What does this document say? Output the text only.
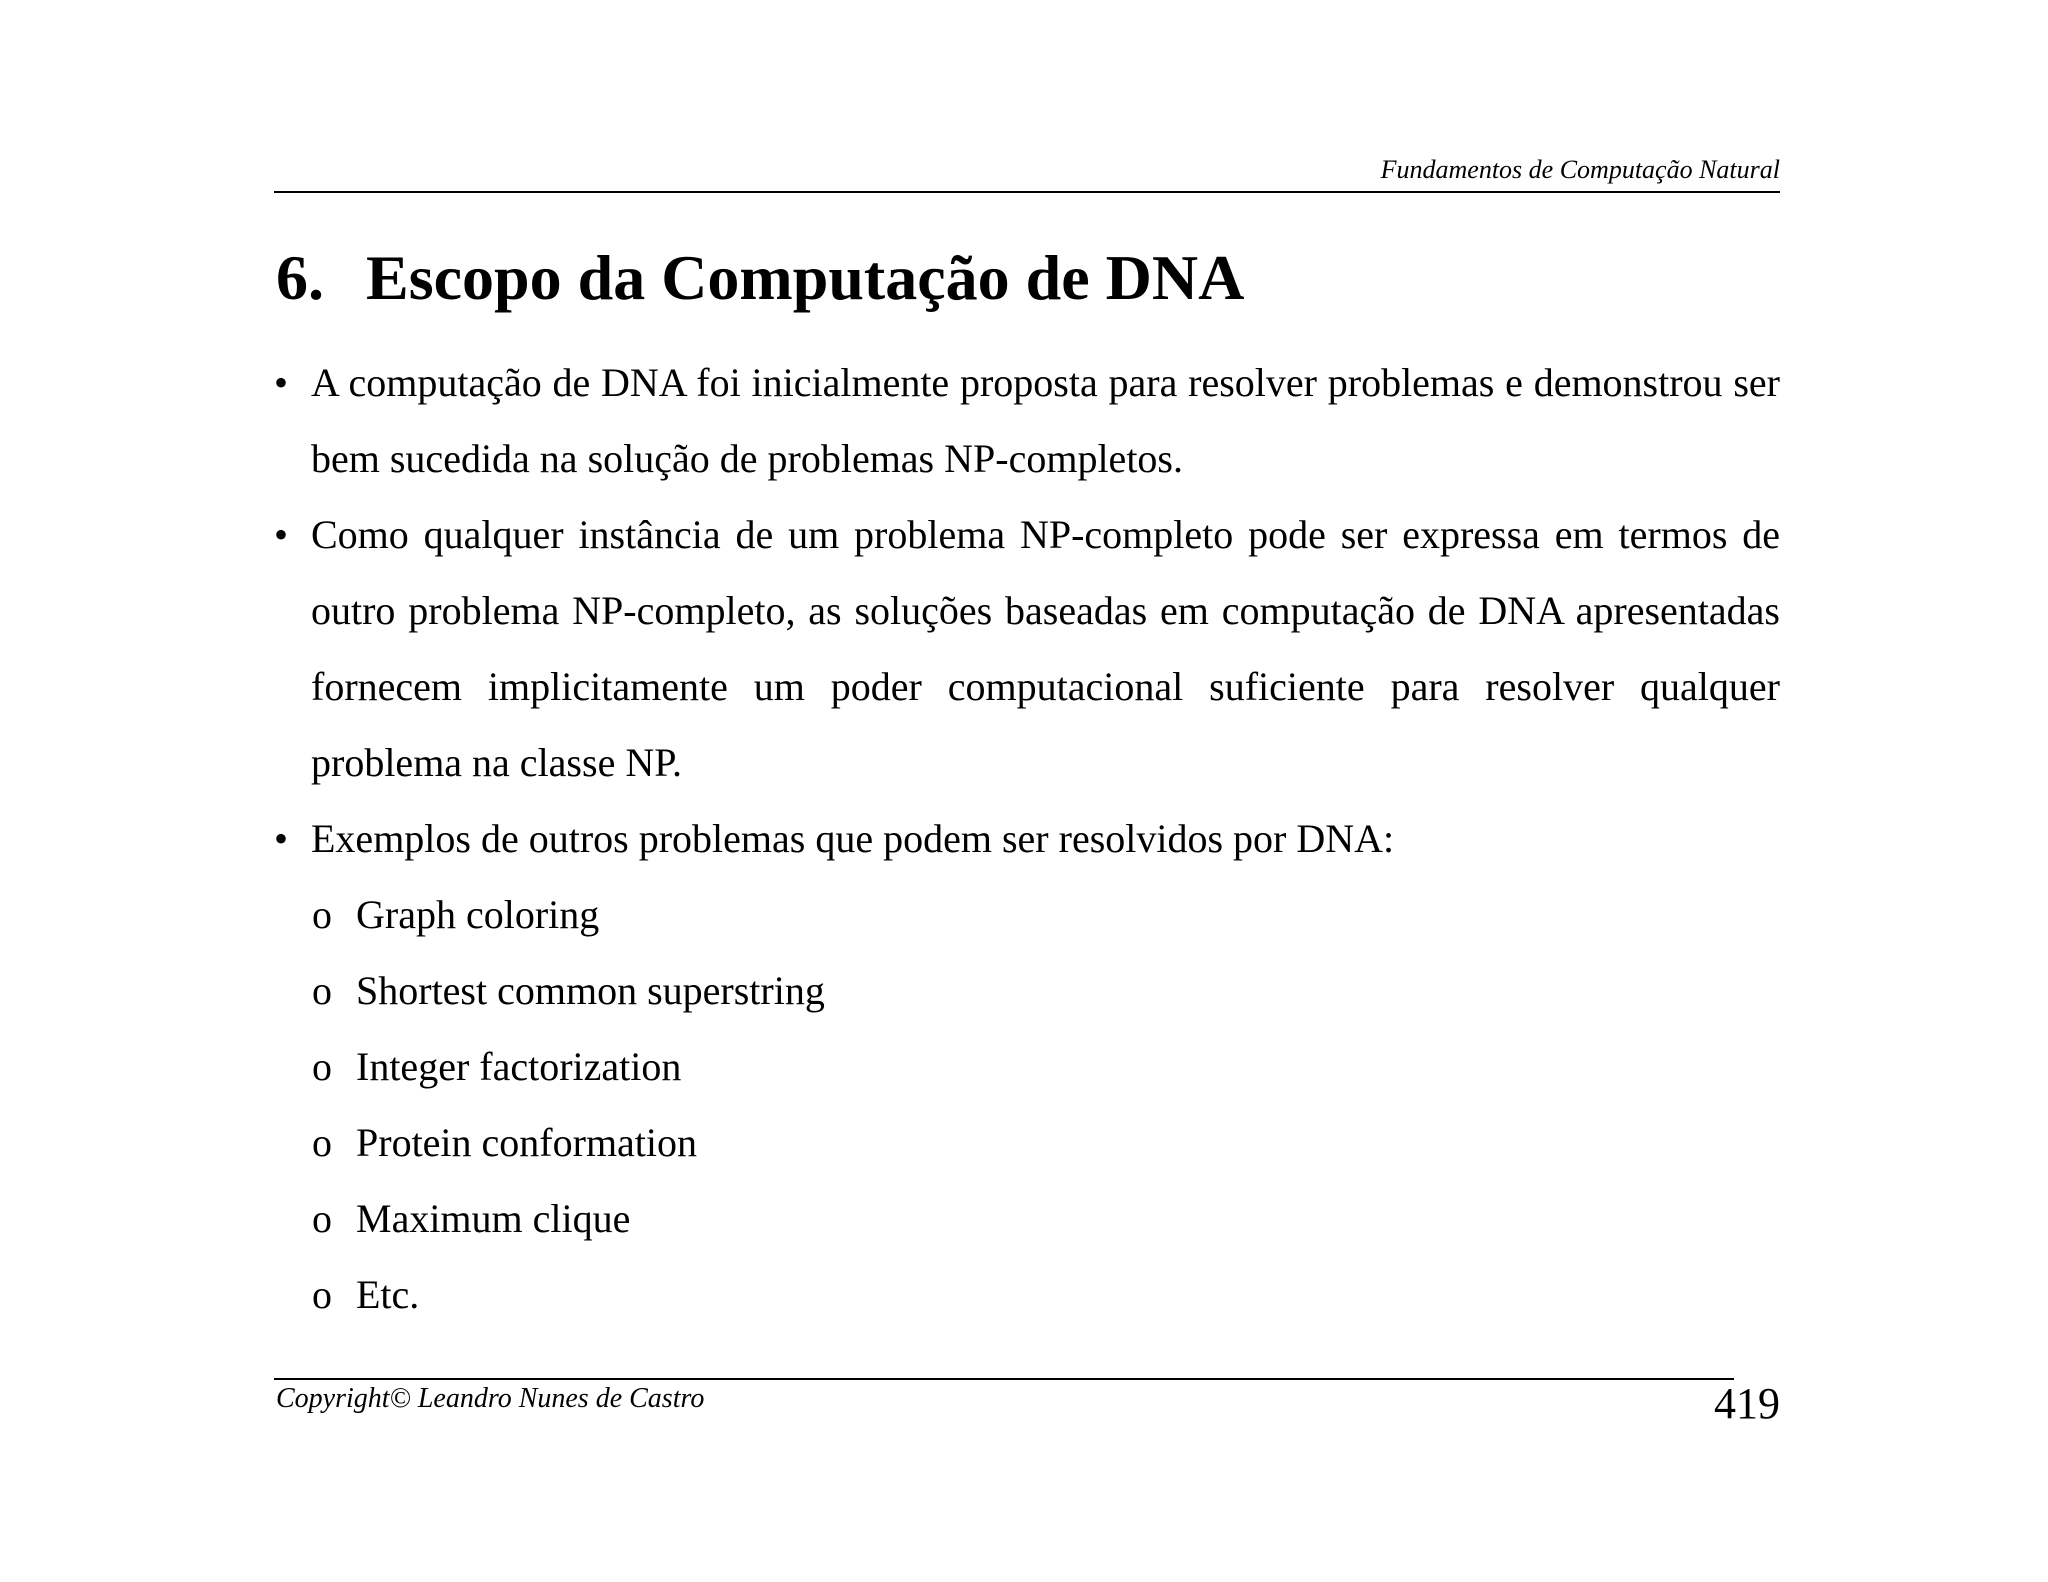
Fundamentos de Computação Natural
6. Escopo da Computação de DNA
• A computação de DNA foi inicialmente proposta para resolver problemas e demonstrou ser bem sucedida na solução de problemas NP-completos.
• Como qualquer instância de um problema NP-completo pode ser expressa em termos de outro problema NP-completo, as soluções baseadas em computação de DNA apresentadas fornecem implicitamente um poder computacional suficiente para resolver qualquer problema na classe NP.
• Exemplos de outros problemas que podem ser resolvidos por DNA:
o Graph coloring
o Shortest common superstring
o Integer factorization
o Protein conformation
o Maximum clique
o Etc.
Copyright© Leandro Nunes de Castro	419
